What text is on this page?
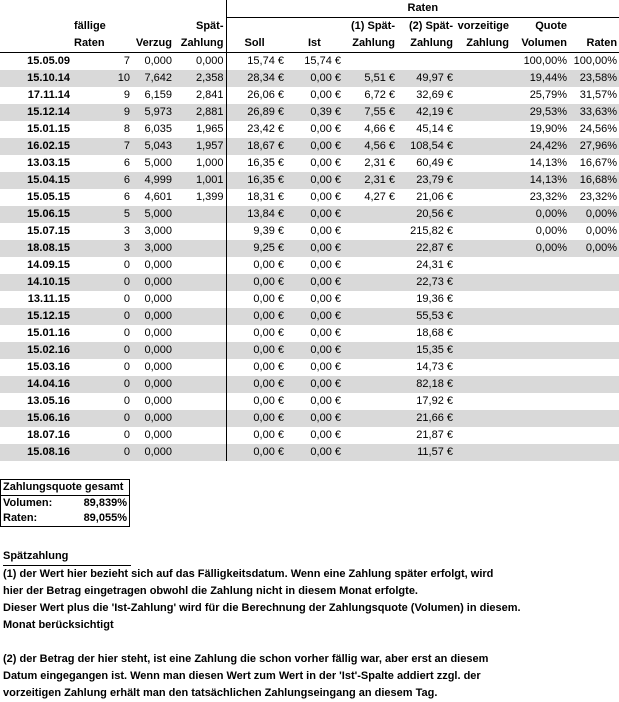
				Raten						
	fällige		Spät-			(1) Spät-	(2) Spät-	vorzeitige	Quote	
	Raten	Verzug	Zahlung	Soll	Ist	Zahlung	Zahlung	Zahlung	Volumen	Raten
15.05.09	7	0,000	0,000	15,74 €	15,74 €				100,00%	100,00%
15.10.14	10	7,642	2,358	28,34 €	0,00 €	5,51 €	49,97 €		19,44%	23,58%
17.11.14	9	6,159	2,841	26,06 €	0,00 €	6,72 €	32,69 €		25,79%	31,57%
15.12.14	9	5,973	2,881	26,89 €	0,39 €	7,55 €	42,19 €		29,53%	33,63%
15.01.15	8	6,035	1,965	23,42 €	0,00 €	4,66 €	45,14 €		19,90%	24,56%
16.02.15	7	5,043	1,957	18,67 €	0,00 €	4,56 €	108,54 €		24,42%	27,96%
13.03.15	6	5,000	1,000	16,35 €	0,00 €	2,31 €	60,49 €		14,13%	16,67%
15.04.15	6	4,999	1,001	16,35 €	0,00 €	2,31 €	23,79 €		14,13%	16,68%
15.05.15	6	4,601	1,399	18,31 €	0,00 €	4,27 €	21,06 €		23,32%	23,32%
15.06.15	5	5,000		13,84 €	0,00 €		20,56 €		0,00%	0,00%
15.07.15	3	3,000		9,39 €	0,00 €		215,82 €		0,00%	0,00%
18.08.15	3	3,000		9,25 €	0,00 €		22,87 €		0,00%	0,00%
14.09.15	0	0,000		0,00 €	0,00 €		24,31 €			
14.10.15	0	0,000		0,00 €	0,00 €		22,73 €			
13.11.15	0	0,000		0,00 €	0,00 €		19,36 €			
15.12.15	0	0,000		0,00 €	0,00 €		55,53 €			
15.01.16	0	0,000		0,00 €	0,00 €		18,68 €			
15.02.16	0	0,000		0,00 €	0,00 €		15,35 €			
15.03.16	0	0,000		0,00 €	0,00 €		14,73 €			
14.04.16	0	0,000		0,00 €	0,00 €		82,18 €			
13.05.16	0	0,000		0,00 €	0,00 €		17,92 €			
15.06.16	0	0,000		0,00 €	0,00 €		21,66 €			
18.07.16	0	0,000		0,00 €	0,00 €		21,87 €			
15.08.16	0	0,000		0,00 €	0,00 €		11,57 €			
Zahlungsquote gesamt	
Volumen:	89,839%
Raten:	89,055%
Spätzahlung

(1) der Wert hier bezieht sich auf das Fälligkeitsdatum. Wenn eine Zahlung später erfolgt, wird

hier der Betrag eingetragen obwohl die Zahlung nicht in diesem Monat erfolgte.

Dieser Wert plus die 'Ist-Zahlung' wird für die Berechnung der Zahlungsquote (Volumen) in diesem.

Monat berücksichtigt

(2) der Betrag der hier steht, ist eine Zahlung die schon vorher fällig war, aber erst an diesem

Datum eingegangen ist. Wenn man diesen Wert zum Wert in der 'Ist'-Spalte addiert zzgl. der

vorzeitigen Zahlung erhält man den tatsächlichen Zahlungseingang an diesem Tag.
